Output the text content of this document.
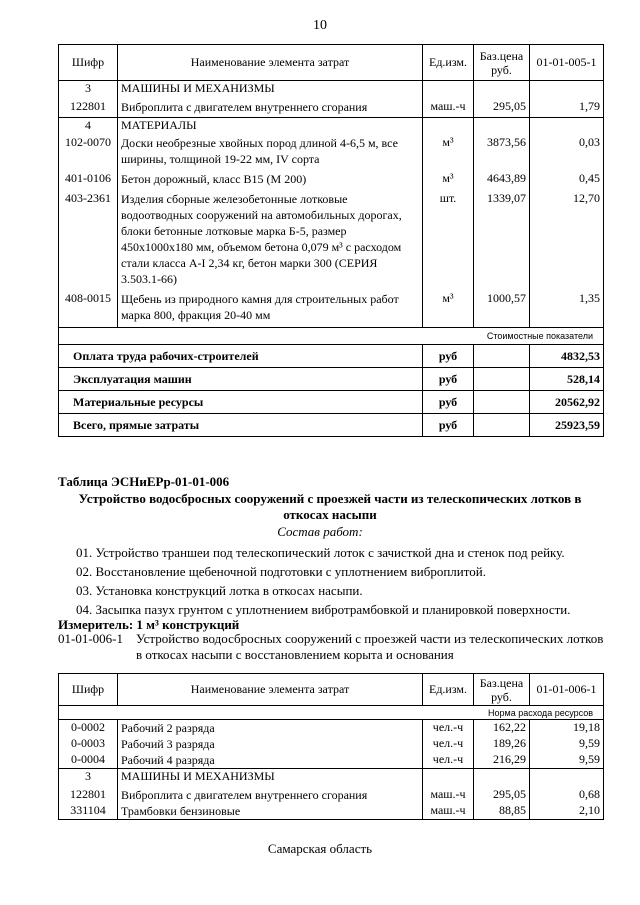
10
Шифр	Наименование элемента затрат	Ед.изм.	Баз.цена руб.	01-01-005-1
3	МАШИНЫ И МЕХАНИЗМЫ			
122801	Виброплита с двигателем внутреннего сгорания	маш.-ч	295,05	1,79
4	МАТЕРИАЛЫ			
102-0070	Доски необрезные хвойных пород длиной 4-6,5 м, все ширины, толщиной 19-22 мм, IV сорта	м³	3873,56	0,03
401-0106	Бетон дорожный, класс В15 (М 200)	м³	4643,89	0,45
403-2361	Изделия сборные железобетонные лотковые водоотводных сооружений на автомобильных дорогах, блоки бетонные лотковые марка Б-5, размер 450х1000х180 мм, объемом бетона 0,079 м³ с расходом стали класса А-I 2,34 кг, бетон марки 300 (СЕРИЯ 3.503.1-66)	шт.	1339,07	12,70
408-0015	Щебень из природного камня для строительных работ марка 800, фракция 20-40 мм	м³	1000,57	1,35
Стоимостные показатели				
Оплата труда рабочих-строителей		руб		4832,53
Эксплуатация машин		руб		528,14
Материальные ресурсы		руб		20562,92
Всего, прямые затраты		руб		25923,59
Таблица ЭСНиЕРр-01-01-006
Устройство водосбросных сооружений с проезжей части из телескопических лотков в откосах насыпи
Состав работ:
01. Устройство траншеи под телескопический лоток с зачисткой дна и стенок под рейку.
02. Восстановление щебеночной подготовки с уплотнением виброплитой.
03. Установка конструкций лотка в откосах насыпи.
04. Засыпка пазух грунтом с уплотнением вибротрамбовкой и планировкой поверхности.
Измеритель: 1 м³ конструкций
01-01-006-1 Устройство водосбросных сооружений с проезжей части из телескопических лотков в откосах насыпи с восстановлением корыта и основания
Шифр	Наименование элемента затрат	Ед.изм.	Баз.цена руб.	01-01-006-1
Норма расхода ресурсов				
0-0002	Рабочий 2 разряда	чел.-ч	162,22	19,18
0-0003	Рабочий 3 разряда	чел.-ч	189,26	9,59
0-0004	Рабочий 4 разряда	чел.-ч	216,29	9,59
3	МАШИНЫ И МЕХАНИЗМЫ			
122801	Виброплита с двигателем внутреннего сгорания	маш.-ч	295,05	0,68
331104	Трамбовки бензиновые	маш.-ч	88,85	2,10
Самарская область
